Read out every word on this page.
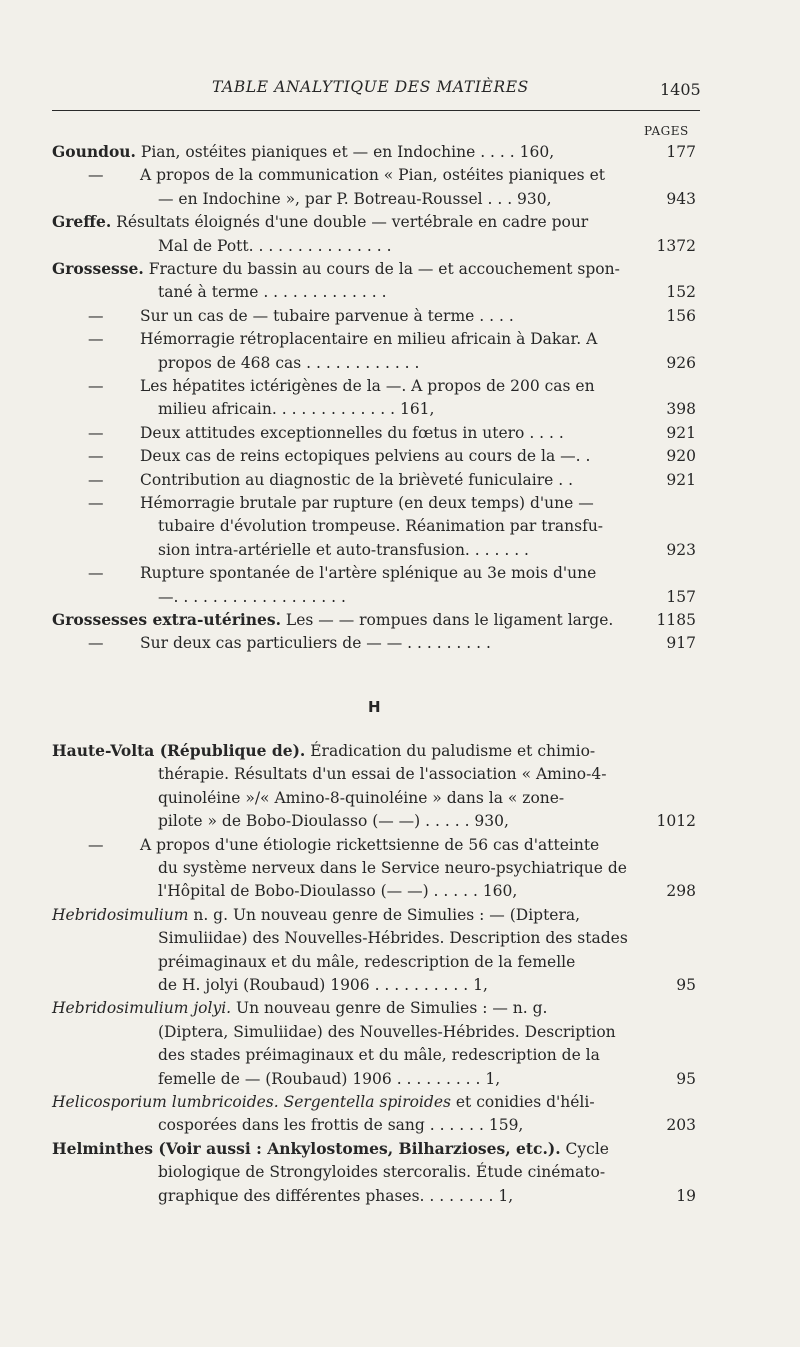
TABLE ANALYTIQUE DES MATIÈRES	1405
PAGES
Goundou. Pian, ostéites pianiques et — en Indochine . . . . 160,	177
— A propos de la communication « Pian, ostéites pianiques et
— en Indochine », par P. Botreau-Roussel . . . 930,	943
Greffe. Résultats éloignés d'une double — vertébrale en cadre pour
Mal de Pott. . . . . . . . . . . . . . .	1372
Grossesse. Fracture du bassin au cours de la — et accouchement spon-
tané à terme . . . . . . . . . . . . .	152
— Sur un cas de — tubaire parvenue à terme . . . .	156
— Hémorragie rétroplacentaire en milieu africain à Dakar. A
propos de 468 cas . . . . . . . . . . . .	926
— Les hépatites ictérigènes de la —. A propos de 200 cas en
milieu africain. . . . . . . . . . . . . 161,	398
— Deux attitudes exceptionnelles du fœtus in utero . . . .	921
— Deux cas de reins ectopiques pelviens au cours de la —. .	920
— Contribution au diagnostic de la brièveté funiculaire . .	921
— Hémorragie brutale par rupture (en deux temps) d'une —
tubaire d'évolution trompeuse. Réanimation par transfu-
sion intra-artérielle et auto-transfusion. . . . . . .	923
— Rupture spontanée de l'artère splénique au 3e mois d'une
—. . . . . . . . . . . . . . . . . .	157
Grossesses extra-utérines. Les — — rompues dans le ligament large.	1185
— Sur deux cas particuliers de — — . . . . . . . . .	917
H
Haute-Volta (République de). Éradication du paludisme et chimio-
thérapie. Résultats d'un essai de l'association « Amino-4-
quinoléine »/« Amino-8-quinoléine » dans la « zone-
pilote » de Bobo-Dioulasso (— —) . . . . . 930,	1012
— A propos d'une étiologie rickettsienne de 56 cas d'atteinte
du système nerveux dans le Service neuro-psychiatrique de
l'Hôpital de Bobo-Dioulasso (— —) . . . . . 160,	298
Hebridosimulium n. g. Un nouveau genre de Simulies : — (Diptera,
Simuliidae) des Nouvelles-Hébrides. Description des stades
préimaginaux et du mâle, redescription de la femelle
de H. jolyi (Roubaud) 1906 . . . . . . . . . . 1,	95
Hebridosimulium jolyi. Un nouveau genre de Simulies : — n. g.
(Diptera, Simuliidae) des Nouvelles-Hébrides. Description
des stades préimaginaux et du mâle, redescription de la
femelle de — (Roubaud) 1906 . . . . . . . . . 1,	95
Helicosporium lumbricoides. Sergentella spiroides et conidies d'héli-
cosporées dans les frottis de sang . . . . . . 159,	203
Helminthes (Voir aussi : Ankylostomes, Bilharzioses, etc.). Cycle
biologique de Strongyloides stercoralis. Étude cinémato-
graphique des différentes phases. . . . . . . . 1,	19
